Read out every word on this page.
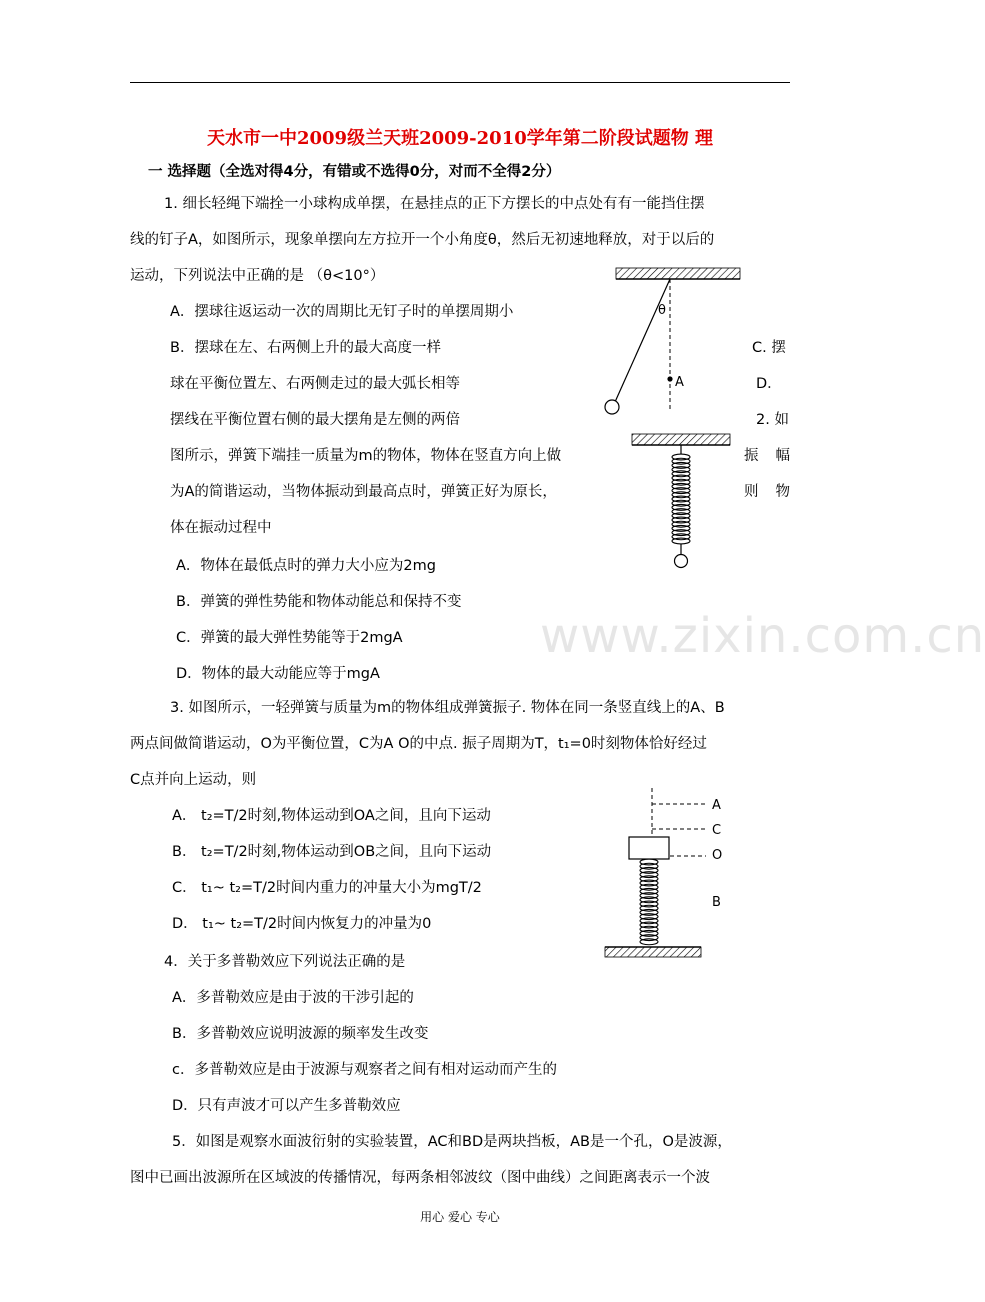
天水市一中2009级兰天班2009-2010学年第二阶段试题物 理
一 选择题（全选对得4分，有错或不选得0分，对而不全得2分）
1. 细长轻绳下端拴一小球构成单摆，在悬挂点的正下方摆长的中点处有有一能挡住摆
线的钉子A，如图所示，现象单摆向左方拉开一个小角度θ，然后无初速地释放，对于以后的
运动，下列说法中正确的是 （θ<10°）
A．摆球往返运动一次的周期比无钉子时的单摆周期小
B．摆球在左、右两侧上升的最大高度一样	C. 摆
球在平衡位置左、右两侧走过的最大弧长相等	D．
摆线在平衡位置右侧的最大摆角是左侧的两倍
θ
A
2. 如
图所示，弹簧下端挂一质量为m的物体，物体在竖直方向上做	振幅
为A的简谐运动，当物体振动到最高点时，弹簧正好为原长，	则物
体在振动过程中
A．物体在最低点时的弹力大小应为2mg
B．弹簧的弹性势能和物体动能总和保持不变
C．弹簧的最大弹性势能等于2mgA
D．物体的最大动能应等于mgA
3. 如图所示，一轻弹簧与质量为m的物体组成弹簧振子. 物体在同一条竖直线上的A、B
两点间做简谐运动，O为平衡位置，C为A O的中点. 振子周期为T，t₁=0时刻物体恰好经过
C点并向上运动，则
A． t₂=T/2时刻,物体运动到OA之间，且向下运动
B． t₂=T/2时刻,物体运动到OB之间，且向下运动
C． t₁~ t₂=T/2时间内重力的冲量大小为mgT/2
D． t₁~ t₂=T/2时间内恢复力的冲量为0
A
C
O
B
4．关于多普勒效应下列说法正确的是
A．多普勒效应是由于波的干涉引起的
B．多普勒效应说明波源的频率发生改变
c．多普勒效应是由于波源与观察者之间有相对运动而产生的
D．只有声波才可以产生多普勒效应
5．如图是观察水面波衍射的实验装置，AC和BD是两块挡板，AB是一个孔，O是波源，
图中已画出波源所在区域波的传播情况，每两条相邻波纹（图中曲线）之间距离表示一个波
www.zixin.com.cn
用心 爱心 专心
